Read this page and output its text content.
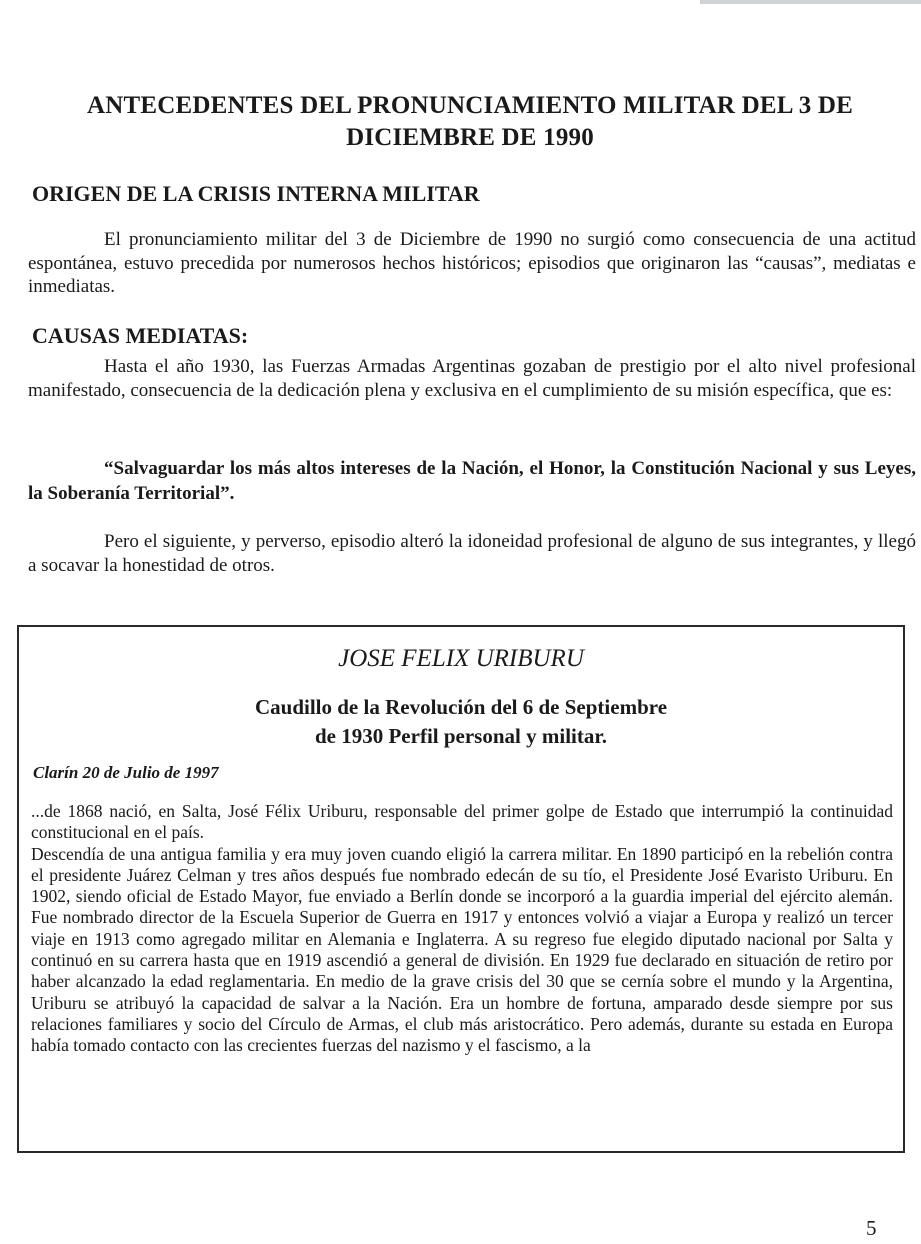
ANTECEDENTES DEL PRONUNCIAMIENTO MILITAR DEL 3 DE DICIEMBRE DE 1990
ORIGEN DE LA CRISIS INTERNA MILITAR
El pronunciamiento militar del 3 de Diciembre de 1990 no surgió como consecuencia de una actitud espontánea, estuvo precedida por numerosos hechos históricos; episodios que originaron las “causas”, mediatas e inmediatas.
CAUSAS MEDIATAS:
Hasta el año 1930, las Fuerzas Armadas Argentinas gozaban de prestigio por el alto nivel profesional manifestado, consecuencia de la dedicación plena y exclusiva en el cumplimiento de su misión específica, que es:
“Salvaguardar los más altos intereses de la Nación, el Honor, la Constitución Nacional y sus Leyes, la Soberanía Territorial”.
Pero el siguiente, y perverso, episodio alteró la idoneidad profesional de alguno de sus integrantes, y llegó a socavar la honestidad de otros.
JOSE FELIX URIBURU
Caudillo de la Revolución del 6 de Septiembre
de 1930 Perfil personal y militar.
Clarín 20 de Julio de 1997

...de 1868 nació, en Salta, José Félix Uriburu, responsable del primer golpe de Estado que interrumpió la continuidad constitucional en el país.

Descendía de una antigua familia y era muy joven cuando eligió la carrera militar. En 1890 participó en la rebelión contra el presidente Juárez Celman y tres años después fue nombrado edecán de su tío, el Presidente José Evaristo Uriburu. En 1902, siendo oficial de Estado Mayor, fue enviado a Berlín donde se incorporó a la guardia imperial del ejército alemán. Fue nombrado director de la Escuela Superior de Guerra en 1917 y entonces volvió a viajar a Europa y realizó un tercer viaje en 1913 como agregado militar en Alemania e Inglaterra. A su regreso fue elegido diputado nacional por Salta y continuó en su carrera hasta que en 1919 ascendió a general de división. En 1929 fue declarado en situación de retiro por haber alcanzado la edad reglamentaria. En medio de la grave crisis del 30 que se cernía sobre el mundo y la Argentina, Uriburu se atribuyó la capacidad de salvar a la Nación. Era un hombre de fortuna, amparado desde siempre por sus relaciones familiares y socio del Círculo de Armas, el club más aristocrático. Pero además, durante su estada en Europa había tomado contacto con las crecientes fuerzas del nazismo y el fascismo, a la

5
